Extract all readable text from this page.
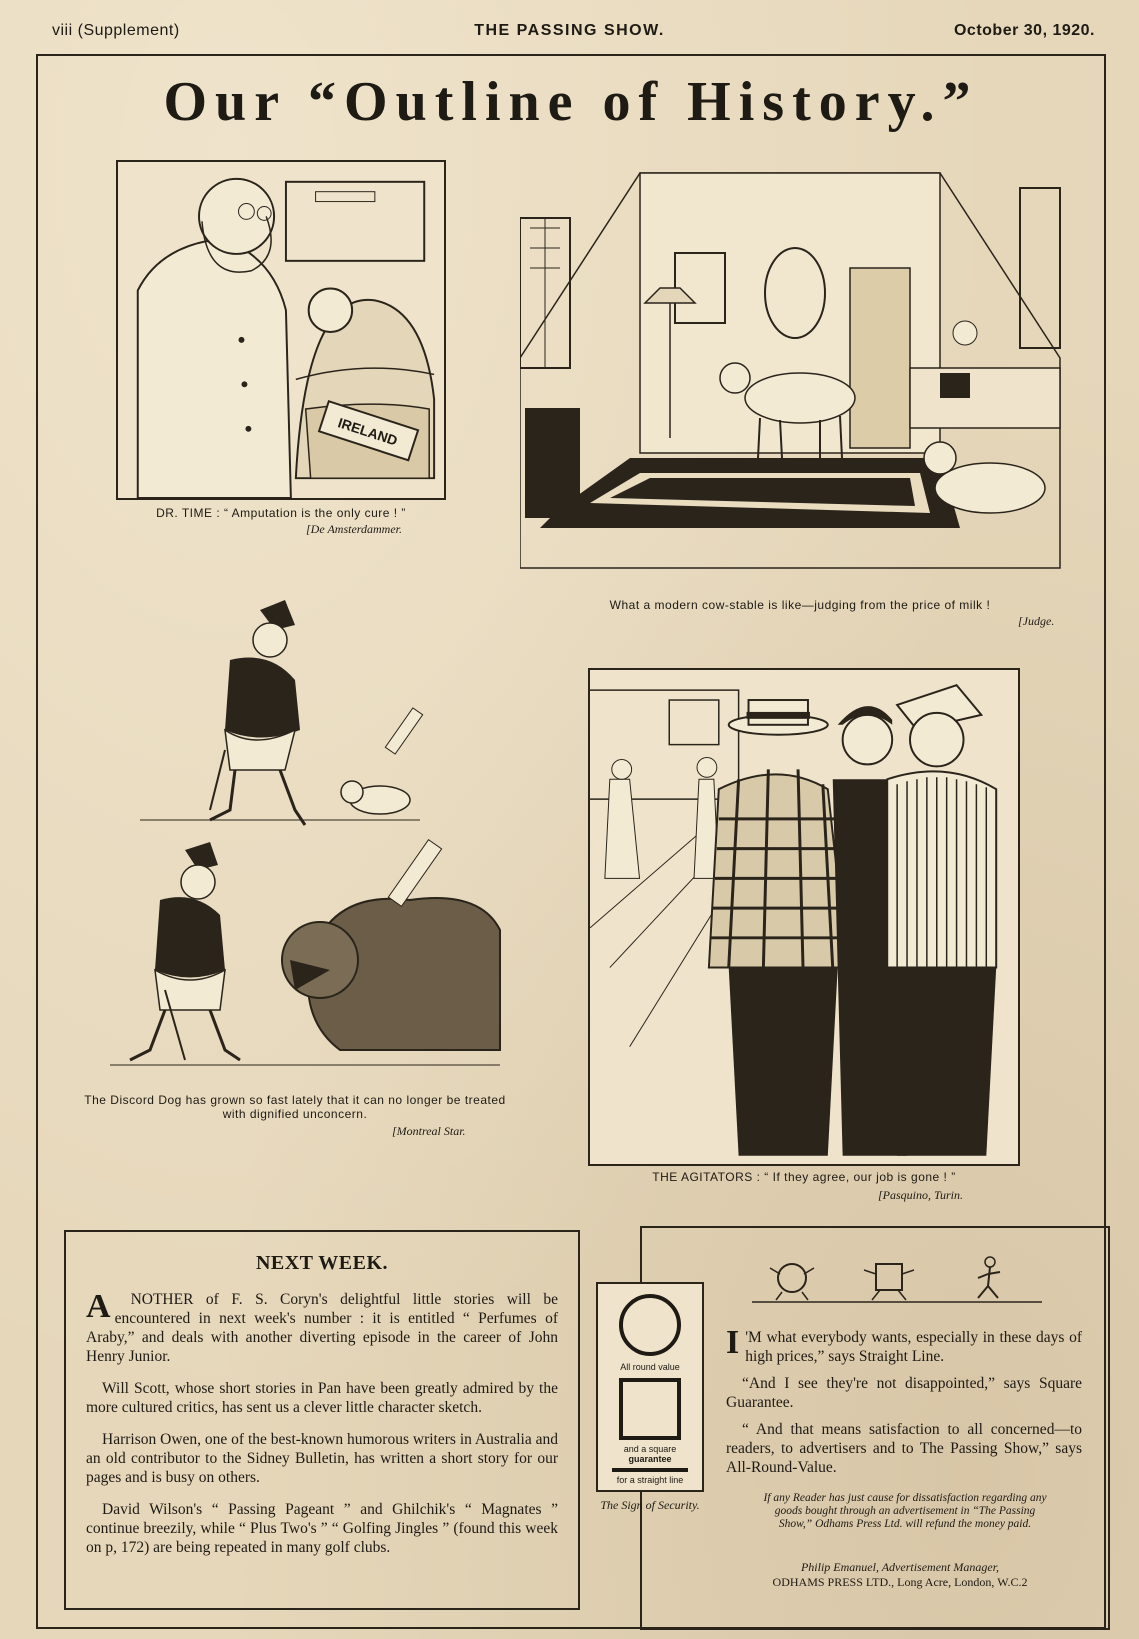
viii (Supplement)	THE PASSING SHOW.	October 30, 1920.
Our “Outline of History.”
IRELAND
DR. TIME : “ Amputation is the only cure ! ”
[De Amsterdammer.
What a modern cow-stable is like—judging from the price of milk !
[Judge.
The Discord Dog has grown so fast lately that it can no longer be treated with dignified unconcern.
[Montreal Star.
THE AGITATORS : “ If they agree, our job is gone ! ”
[Pasquino, Turin.
NEXT WEEK.

A NOTHER of F. S. Coryn's delightful little stories will be encountered in next week's number : it is entitled “ Perfumes of Araby,” and deals with another diverting episode in the career of John Henry Junior.

Will Scott, whose short stories in Pan have been greatly admired by the more cultured critics, has sent us a clever little character sketch.

Harrison Owen, one of the best-known humorous writers in Australia and an old contributor to the Sidney Bulletin, has written a short story for our pages and is busy on others.

David Wilson's “ Passing Pageant ” and Ghilchik's “ Magnates ” continue breezily, while “ Plus Two's ” “ Golfing Jingles ” (found this week on p, 172) are being repeated in many golf clubs.

All round value
and a square
guarantee
for a straight line
The Sign of Security.

I 'M what everybody wants, especially in these days of high prices,” says Straight Line.

“And I see they're not disappointed,” says Square Guarantee.

“ And that means satisfaction to all concerned—to readers, to advertisers and to The Passing Show,” says All-Round-Value.

If any Reader has just cause for dissatisfaction regarding any goods bought through an advertisement in “The Passing Show,” Odhams Press Ltd. will refund the money paid.
Philip Emanuel, Advertisement Manager,
ODHAMS PRESS LTD., Long Acre, London, W.C.2
